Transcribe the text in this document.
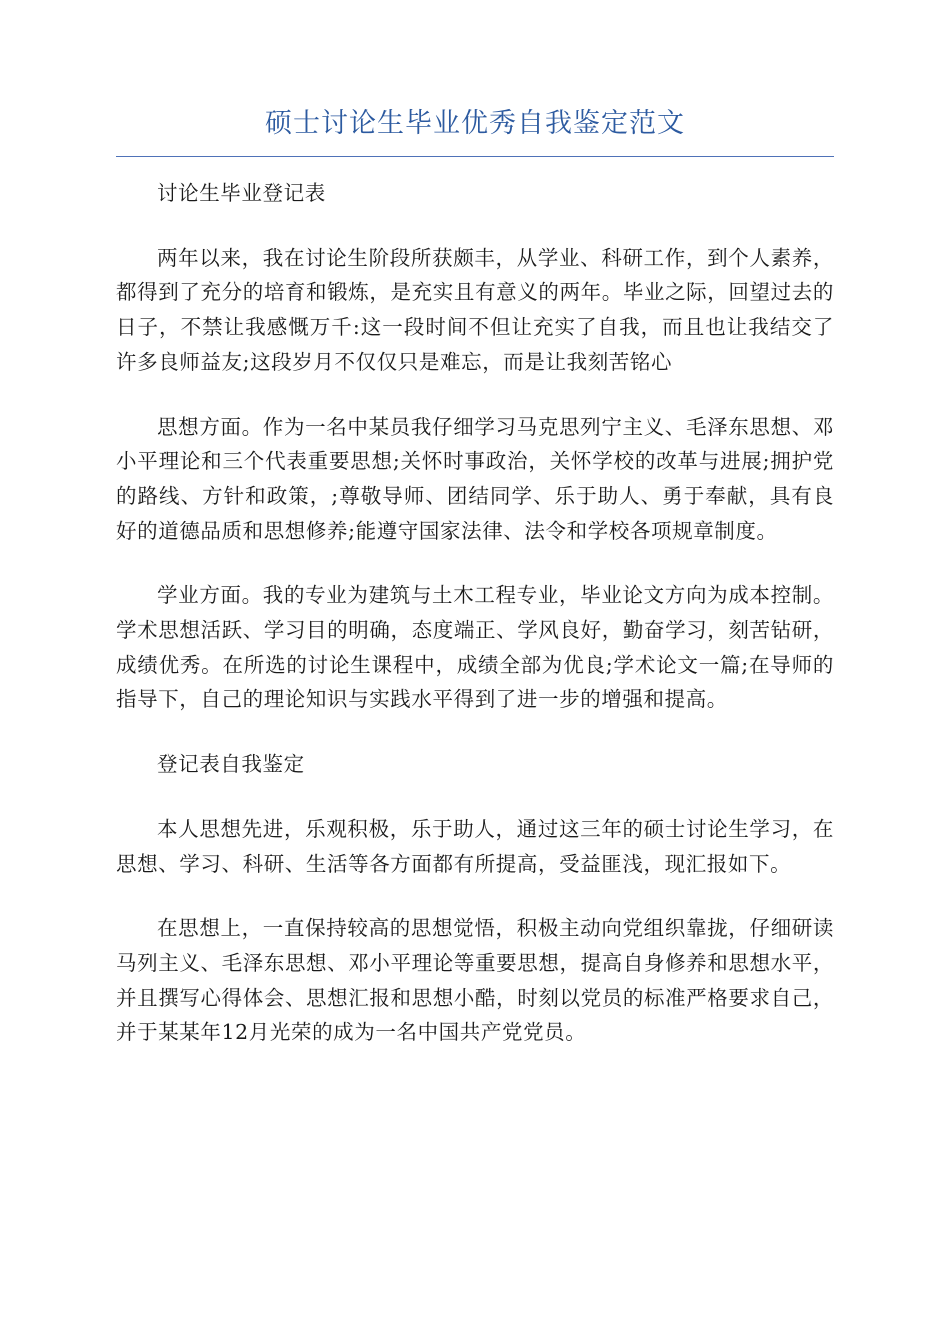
硕士讨论生毕业优秀自我鉴定范文

讨论生毕业登记表

两年以来，我在讨论生阶段所获颇丰，从学业、科研工作，到个人素养，都得到了充分的培育和锻炼，是充实且有意义的两年。毕业之际，回望过去的日子，不禁让我感慨万千:这一段时间不但让充实了自我，而且也让我结交了许多良师益友;这段岁月不仅仅只是难忘，而是让我刻苦铭心

思想方面。作为一名中某员我仔细学习马克思列宁主义、毛泽东思想、邓小平理论和三个代表重要思想;关怀时事政治，关怀学校的改革与进展;拥护党的路线、方针和政策，;尊敬导师、团结同学、乐于助人、勇于奉献，具有良好的道德品质和思想修养;能遵守国家法律、法令和学校各项规章制度。

学业方面。我的专业为建筑与土木工程专业，毕业论文方向为成本控制。学术思想活跃、学习目的明确，态度端正、学风良好，勤奋学习，刻苦钻研，成绩优秀。在所选的讨论生课程中，成绩全部为优良;学术论文一篇;在导师的指导下，自己的理论知识与实践水平得到了进一步的增强和提高。

登记表自我鉴定

本人思想先进，乐观积极，乐于助人，通过这三年的硕士讨论生学习，在思想、学习、科研、生活等各方面都有所提高，受益匪浅，现汇报如下。

在思想上，一直保持较高的思想觉悟，积极主动向党组织靠拢，仔细研读马列主义、毛泽东思想、邓小平理论等重要思想，提高自身修养和思想水平，并且撰写心得体会、思想汇报和思想小酷，时刻以党员的标准严格要求自己，并于某某年12月光荣的成为一名中国共产党党员。
